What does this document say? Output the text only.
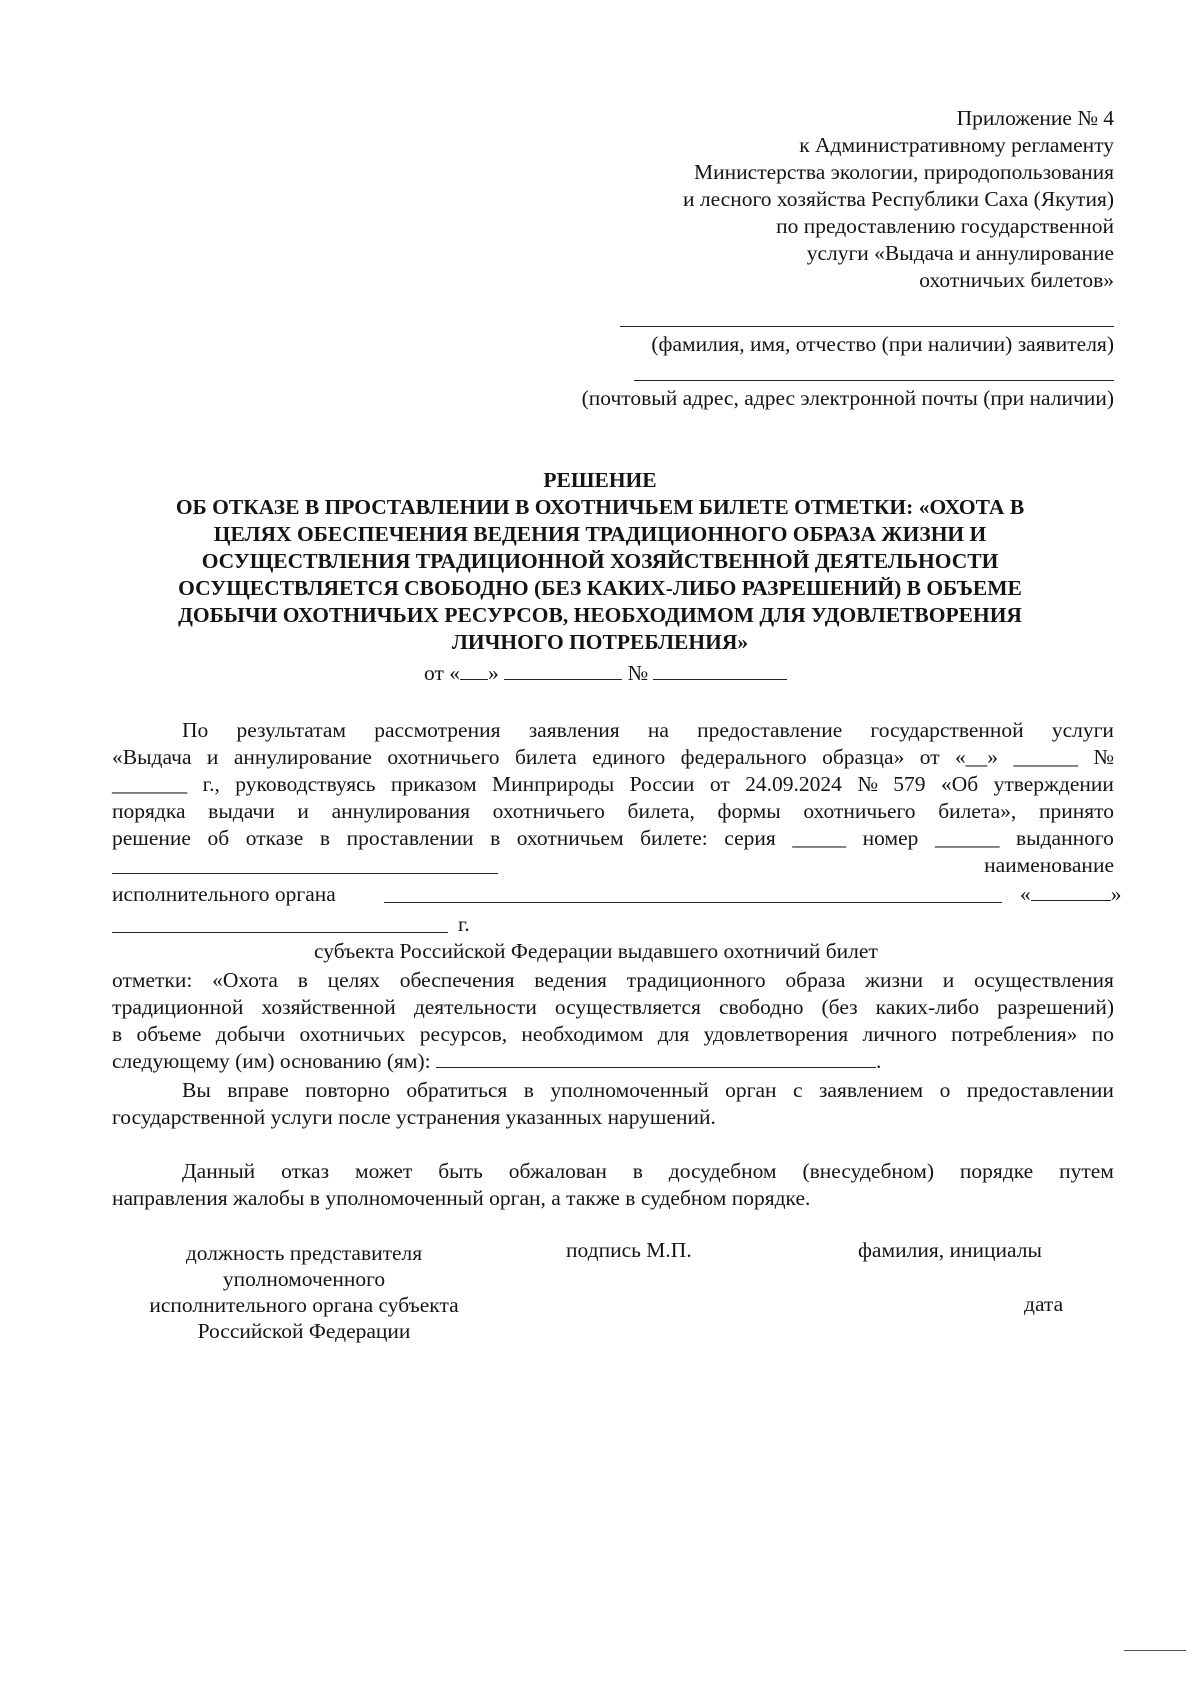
Приложение № 4
к Административному регламенту
Министерства экологии, природопользования
и лесного хозяйства Республики Саха (Якутия)
по предоставлению государственной
услуги «Выдача и аннулирование
охотничьих билетов»
(фамилия, имя, отчество (при наличии) заявителя)
(почтовый адрес, адрес электронной почты (при наличии)
РЕШЕНИЕ
ОБ ОТКАЗЕ В ПРОСТАВЛЕНИИ В ОХОТНИЧЬЕМ БИЛЕТЕ ОТМЕТКИ: «ОХОТА В
ЦЕЛЯХ ОБЕСПЕЧЕНИЯ ВЕДЕНИЯ ТРАДИЦИОННОГО ОБРАЗА ЖИЗНИ И
ОСУЩЕСТВЛЕНИЯ ТРАДИЦИОННОЙ ХОЗЯЙСТВЕННОЙ ДЕЯТЕЛЬНОСТИ
ОСУЩЕСТВЛЯЕТСЯ СВОБОДНО (БЕЗ КАКИХ-ЛИБО РАЗРЕШЕНИЙ) В ОБЪЕМЕ
ДОБЫЧИ ОХОТНИЧЬИХ РЕСУРСОВ, НЕОБХОДИМОМ ДЛЯ УДОВЛЕТВОРЕНИЯ
ЛИЧНОГО ПОТРЕБЛЕНИЯ»
от « »	№
По результатам рассмотрения заявления на предоставление государственной услуги
«Выдача и аннулирование охотничьего билета единого федерального образца» от «__» ______ №
_______ г., руководствуясь приказом Минприроды России от 24.09.2024 № 579 «Об утверждении
порядка выдачи и аннулирования охотничьего билета, формы охотничьего билета», принято
решение об отказе в проставлении в охотничьем билете: серия _____ номер ______ выданного
наименование
исполнительного органа	«	»
г.
субъекта Российской Федерации выдавшего охотничий билет
отметки: «Охота в целях обеспечения ведения традиционного образа жизни и осуществления
традиционной хозяйственной деятельности осуществляется свободно (без каких-либо разрешений)
в объеме добычи охотничьих ресурсов, необходимом для удовлетворения личного потребления» по
следующему (им) основанию (ям):	.
Вы вправе повторно обратиться в уполномоченный орган с заявлением о предоставлении
государственной услуги после устранения указанных нарушений.
Данный отказ может быть обжалован в досудебном (внесудебном) порядке путем
направления жалобы в уполномоченный орган, а также в судебном порядке.
должность представителя
уполномоченного
исполнительного органа субъекта
Российской Федерации
подпись М.П.	фамилия, инициалы
дата
